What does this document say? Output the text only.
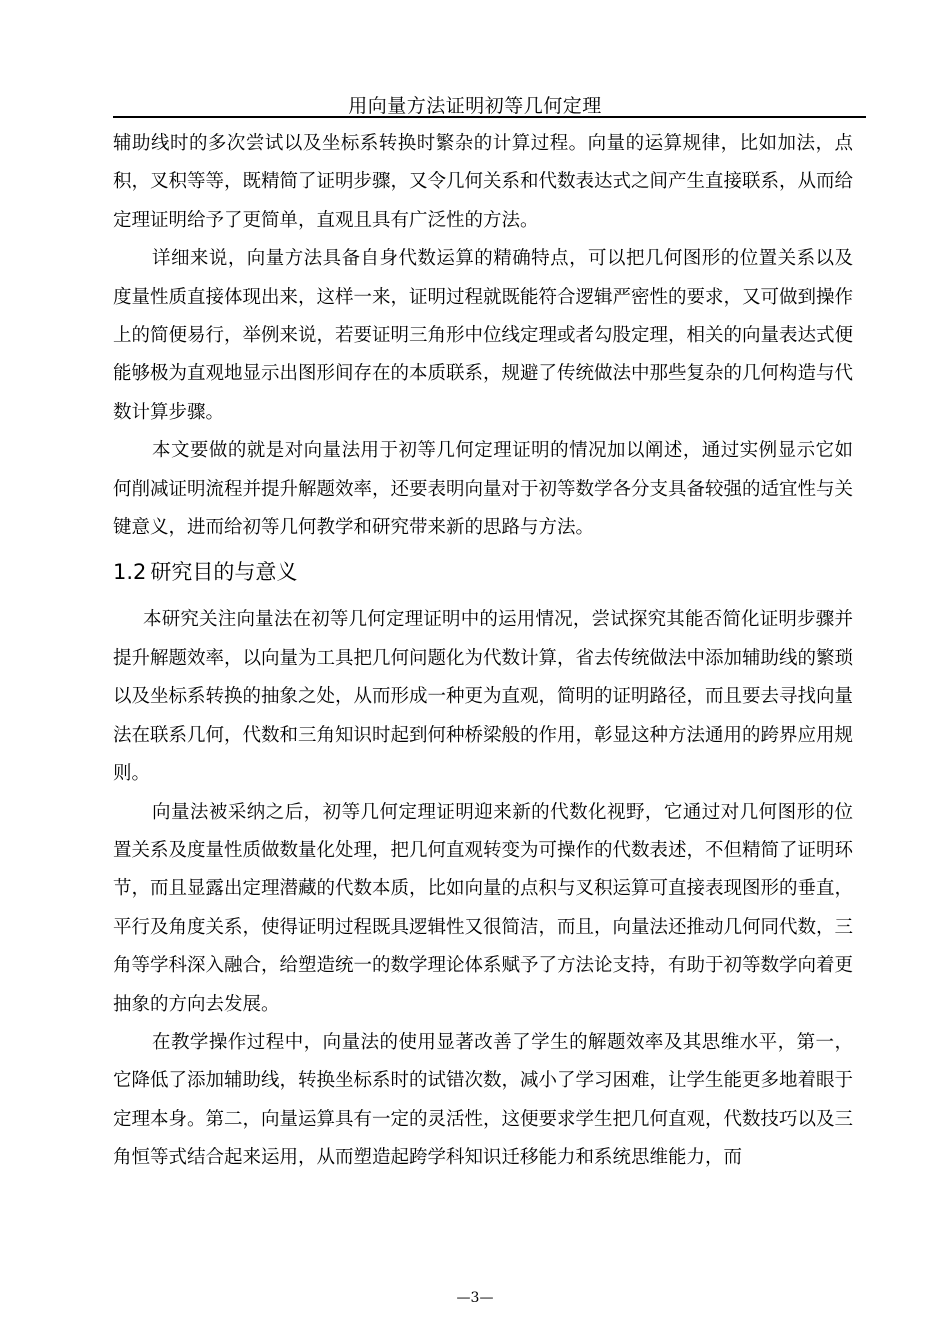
用向量方法证明初等几何定理

辅助线时的多次尝试以及坐标系转换时繁杂的计算过程。向量的运算规律，比如加法，点积，叉积等等，既精简了证明步骤，又令几何关系和代数表达式之间产生直接联系，从而给定理证明给予了更简单，直观且具有广泛性的方法。

详细来说，向量方法具备自身代数运算的精确特点，可以把几何图形的位置关系以及度量性质直接体现出来，这样一来，证明过程就既能符合逻辑严密性的要求，又可做到操作上的简便易行，举例来说，若要证明三角形中位线定理或者勾股定理，相关的向量表达式便能够极为直观地显示出图形间存在的本质联系，规避了传统做法中那些复杂的几何构造与代数计算步骤。

本文要做的就是对向量法用于初等几何定理证明的情况加以阐述，通过实例显示它如何削减证明流程并提升解题效率，还要表明向量对于初等数学各分支具备较强的适宜性与关键意义，进而给初等几何教学和研究带来新的思路与方法。

1.2 研究目的与意义

本研究关注向量法在初等几何定理证明中的运用情况，尝试探究其能否简化证明步骤并提升解题效率，以向量为工具把几何问题化为代数计算，省去传统做法中添加辅助线的繁琐以及坐标系转换的抽象之处，从而形成一种更为直观，简明的证明路径，而且要去寻找向量法在联系几何，代数和三角知识时起到何种桥梁般的作用，彰显这种方法通用的跨界应用规则。

向量法被采纳之后，初等几何定理证明迎来新的代数化视野，它通过对几何图形的位置关系及度量性质做数量化处理，把几何直观转变为可操作的代数表述，不但精简了证明环节，而且显露出定理潜藏的代数本质，比如向量的点积与叉积运算可直接表现图形的垂直，平行及角度关系，使得证明过程既具逻辑性又很简洁，而且，向量法还推动几何同代数，三角等学科深入融合，给塑造统一的数学理论体系赋予了方法论支持，有助于初等数学向着更抽象的方向去发展。

在教学操作过程中，向量法的使用显著改善了学生的解题效率及其思维水平，第一，它降低了添加辅助线，转换坐标系时的试错次数，减小了学习困难，让学生能更多地着眼于定理本身。第二，向量运算具有一定的灵活性，这便要求学生把几何直观，代数技巧以及三角恒等式结合起来运用，从而塑造起跨学科知识迁移能力和系统思维能力，而

—3—
